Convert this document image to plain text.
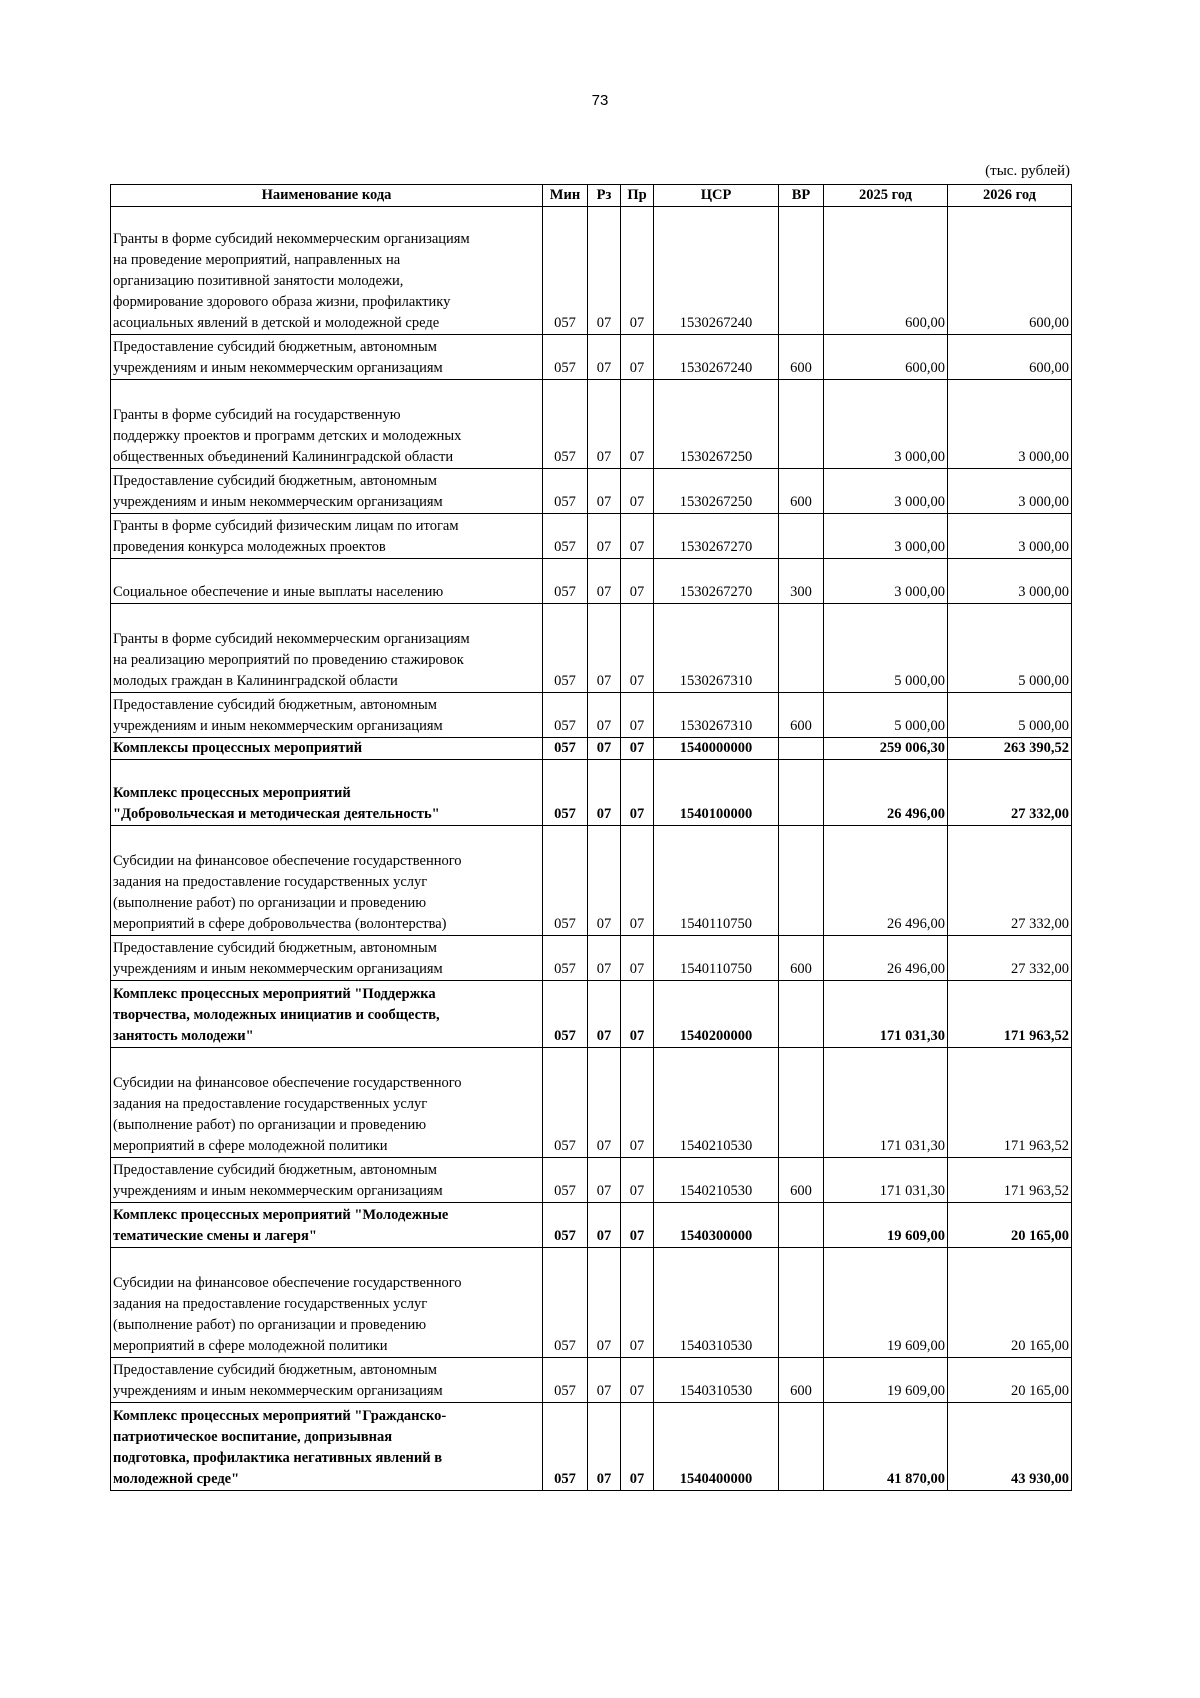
73
(тыс. рублей)
Наименование кода	Мин	Рз	Пр	ЦСР	ВР	2025 год	2026 год
Гранты в форме субсидий некоммерческим организациям
на проведение мероприятий, направленных на
организацию позитивной занятости молодежи,
формирование здорового образа жизни, профилактику
асоциальных явлений в детской и молодежной среде	057	07	07	1530267240		600,00	600,00
Предоставление субсидий бюджетным, автономным
учреждениям и иным некоммерческим организациям	057	07	07	1530267240	600	600,00	600,00
Гранты в форме субсидий на государственную
поддержку проектов и программ детских и молодежных
общественных объединений Калининградской области	057	07	07	1530267250		3 000,00	3 000,00
Предоставление субсидий бюджетным, автономным
учреждениям и иным некоммерческим организациям	057	07	07	1530267250	600	3 000,00	3 000,00
Гранты в форме субсидий физическим лицам по итогам
проведения конкурса молодежных проектов	057	07	07	1530267270		3 000,00	3 000,00
Социальное обеспечение и иные выплаты населению	057	07	07	1530267270	300	3 000,00	3 000,00
Гранты в форме субсидий некоммерческим организациям
на реализацию мероприятий по проведению стажировок
молодых граждан в Калининградской области	057	07	07	1530267310		5 000,00	5 000,00
Предоставление субсидий бюджетным, автономным
учреждениям и иным некоммерческим организациям	057	07	07	1530267310	600	5 000,00	5 000,00
Комплексы процессных мероприятий	057	07	07	1540000000		259 006,30	263 390,52
Комплекс процессных мероприятий
"Добровольческая и методическая деятельность"	057	07	07	1540100000		26 496,00	27 332,00
Субсидии на финансовое обеспечение государственного
задания на предоставление государственных услуг
(выполнение работ) по организации и проведению
мероприятий в сфере добровольчества (волонтерства)	057	07	07	1540110750		26 496,00	27 332,00
Предоставление субсидий бюджетным, автономным
учреждениям и иным некоммерческим организациям	057	07	07	1540110750	600	26 496,00	27 332,00
Комплекс процессных мероприятий "Поддержка
творчества, молодежных инициатив и сообществ,
занятость молодежи"	057	07	07	1540200000		171 031,30	171 963,52
Субсидии на финансовое обеспечение государственного
задания на предоставление государственных услуг
(выполнение работ) по организации и проведению
мероприятий в сфере молодежной политики	057	07	07	1540210530		171 031,30	171 963,52
Предоставление субсидий бюджетным, автономным
учреждениям и иным некоммерческим организациям	057	07	07	1540210530	600	171 031,30	171 963,52
Комплекс процессных мероприятий "Молодежные
тематические смены и лагеря"	057	07	07	1540300000		19 609,00	20 165,00
Субсидии на финансовое обеспечение государственного
задания на предоставление государственных услуг
(выполнение работ) по организации и проведению
мероприятий в сфере молодежной политики	057	07	07	1540310530		19 609,00	20 165,00
Предоставление субсидий бюджетным, автономным
учреждениям и иным некоммерческим организациям	057	07	07	1540310530	600	19 609,00	20 165,00
Комплекс процессных мероприятий "Гражданско-
патриотическое воспитание, допризывная
подготовка, профилактика негативных явлений в
молодежной среде"	057	07	07	1540400000		41 870,00	43 930,00
